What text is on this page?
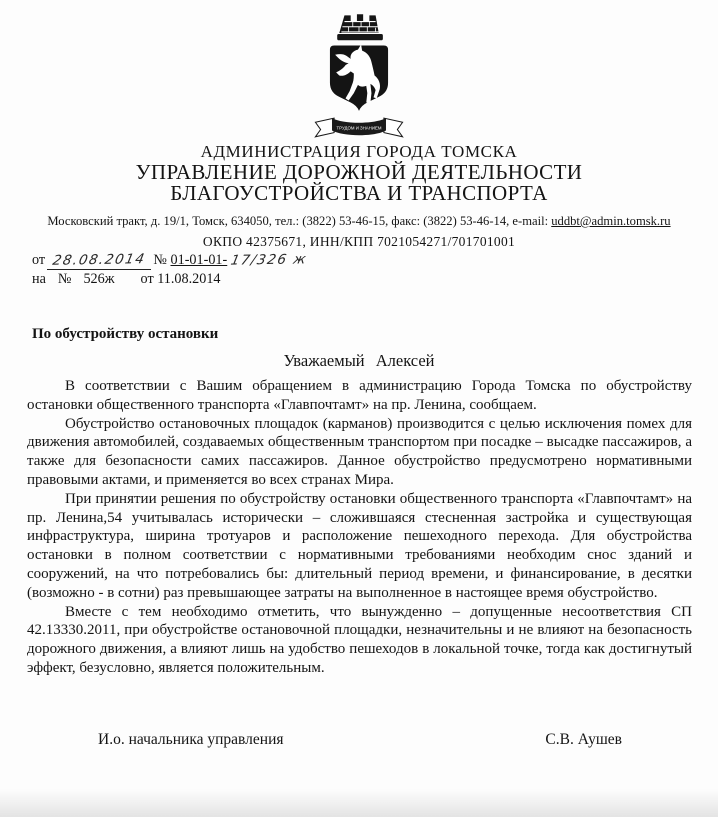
ТРУДОМ И ЗНАНИЕМ
АДМИНИСТРАЦИЯ ГОРОДА ТОМСКА
УПРАВЛЕНИЕ ДОРОЖНОЙ ДЕЯТЕЛЬНОСТИ
БЛАГОУСТРОЙСТВА И ТРАНСПОРТА
Московский тракт, д. 19/1, Томск, 634050, тел.: (3822) 53-46-15, факс: (3822) 53-46-14, e-mail: uddbt@admin.tomsk.ru
ОКПО 42375671, ИНН/КПП 7021054271/701701001
от 28.08.2014 № 01-01-01- 17/326 ж
на № 526ж от 11.08.2014
По обустройству остановки
Уважаемый Алексей

В соответствии с Вашим обращением в администрацию Города Томска по обустройству остановки общественного транспорта «Главпочтамт» на пр. Ленина, сообщаем.

Обустройство остановочных площадок (карманов) производится с целью исключения помех для движения автомобилей, создаваемых общественным транспортом при посадке – высадке пассажиров, а также для безопасности самих пассажиров. Данное обустройство предусмотрено нормативными правовыми актами, и применяется во всех странах Мира.

При принятии решения по обустройству остановки общественного транспорта «Главпочтамт» на пр. Ленина,54 учитывалась исторически – сложившаяся стесненная застройка и существующая инфраструктура, ширина тротуаров и расположение пешеходного перехода. Для обустройства остановки в полном соответствии с нормативными требованиями необходим снос зданий и сооружений, на что потребовались бы: длительный период времени, и финансирование, в десятки (возможно - в сотни) раз превышающее затраты на выполненное в настоящее время обустройство.

Вместе с тем необходимо отметить, что вынужденно – допущенные несоответствия СП 42.13330.2011, при обустройстве остановочной площадки, незначительны и не влияют на безопасность дорожного движения, а влияют лишь на удобство пешеходов в локальной точке, тогда как достигнутый эффект, безусловно, является положительным.

И.о. начальника управления	С.В. Аушев
